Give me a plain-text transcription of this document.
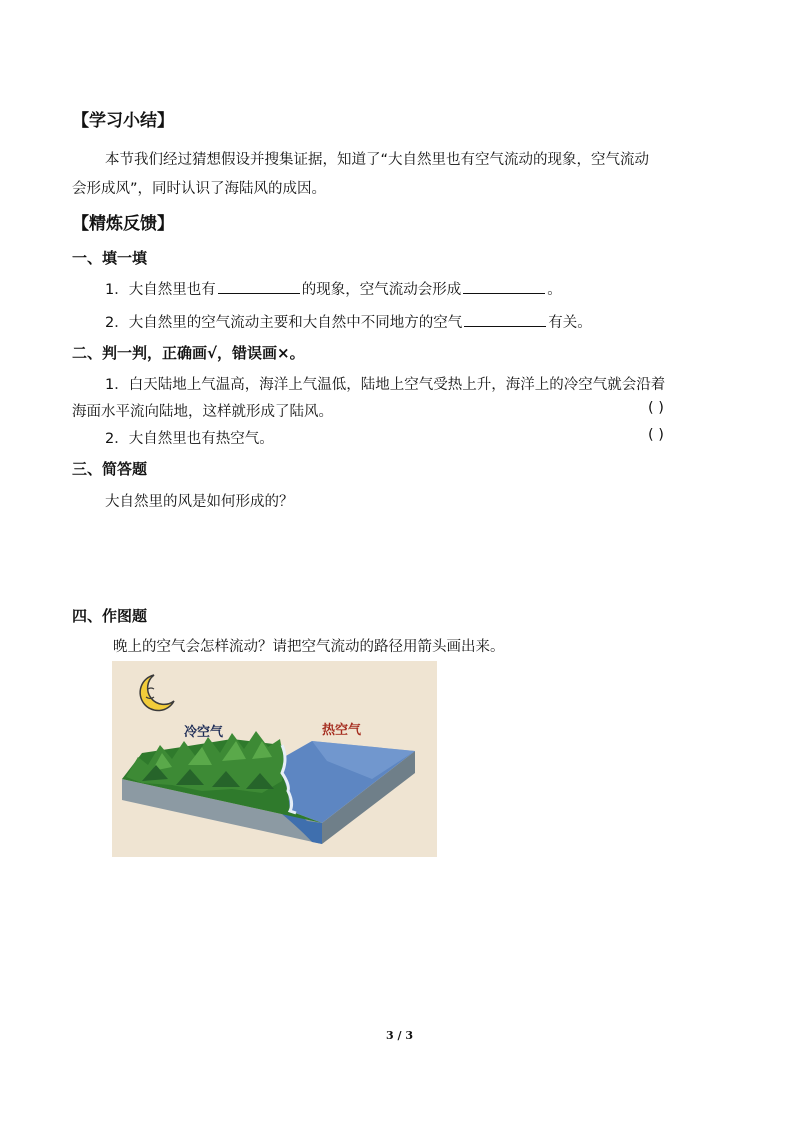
【学习小结】
本节我们经过猜想假设并搜集证据，知道了“大自然里也有空气流动的现象，空气流动
会形成风”，同时认识了海陆风的成因。
【精炼反馈】
一、填一填
1．大自然里也有	的现象，空气流动会形成	。
2．大自然里的空气流动主要和大自然中不同地方的空气	有关。
二、判一判，正确画√，错误画×。
1．白天陆地上气温高，海洋上气温低，陆地上空气受热上升，海洋上的冷空气就会沿着
海面水平流向陆地，这样就形成了陆风。	( )
2．大自然里也有热空气。	( )
三、简答题
大自然里的风是如何形成的？
四、作图题
晚上的空气会怎样流动？请把空气流动的路径用箭头画出来。
冷空气	热空气
3 / 3
